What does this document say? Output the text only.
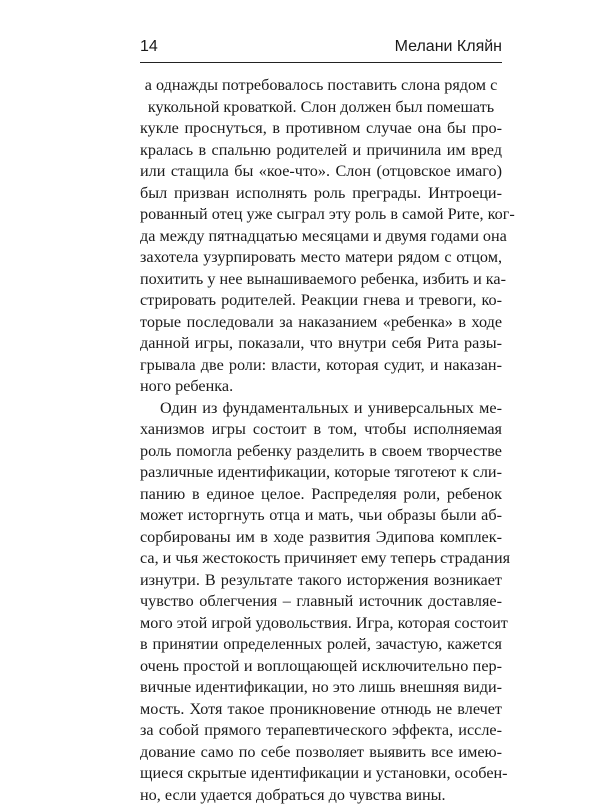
14	Мелани Кляйн
а однажды потребовалось поставить слона рядом с
кукольной кроваткой. Слон должен был помешать
кукле проснуться, в противном случае она бы про-
кралась в спальню родителей и причинила им вред
или стащила бы «кое-что». Слон (отцовское имаго)
был призван исполнять роль преграды. Интроеци-
рованный отец уже сыграл эту роль в самой Рите, ког-
да между пятнадцатью месяцами и двумя годами она
захотела узурпировать место матери рядом с отцом,
похитить у нее вынашиваемого ребенка, избить и ка-
стрировать родителей. Реакции гнева и тревоги, ко-
торые последовали за наказанием «ребенка» в ходе
данной игры, показали, что внутри себя Рита разы-
грывала две роли: власти, которая судит, и наказан-
ного ребенка.
Один из фундаментальных и универсальных ме-
ханизмов игры состоит в том, чтобы исполняемая
роль помогла ребенку разделить в своем творчестве
различные идентификации, которые тяготеют к сли-
панию в единое целое. Распределяя роли, ребенок
может исторгнуть отца и мать, чьи образы были аб-
сорбированы им в ходе развития Эдипова комплек-
са, и чья жестокость причиняет ему теперь страдания
изнутри. В результате такого исторжения возникает
чувство облегчения – главный источник доставляе-
мого этой игрой удовольствия. Игра, которая состоит
в принятии определенных ролей, зачастую, кажется
очень простой и воплощающей исключительно пер-
вичные идентификации, но это лишь внешняя види-
мость. Хотя такое проникновение отнюдь не влечет
за собой прямого терапевтического эффекта, иссле-
дование само по себе позволяет выявить все имею-
щиеся скрытые идентификации и установки, особен-
но, если удается добраться до чувства вины.
